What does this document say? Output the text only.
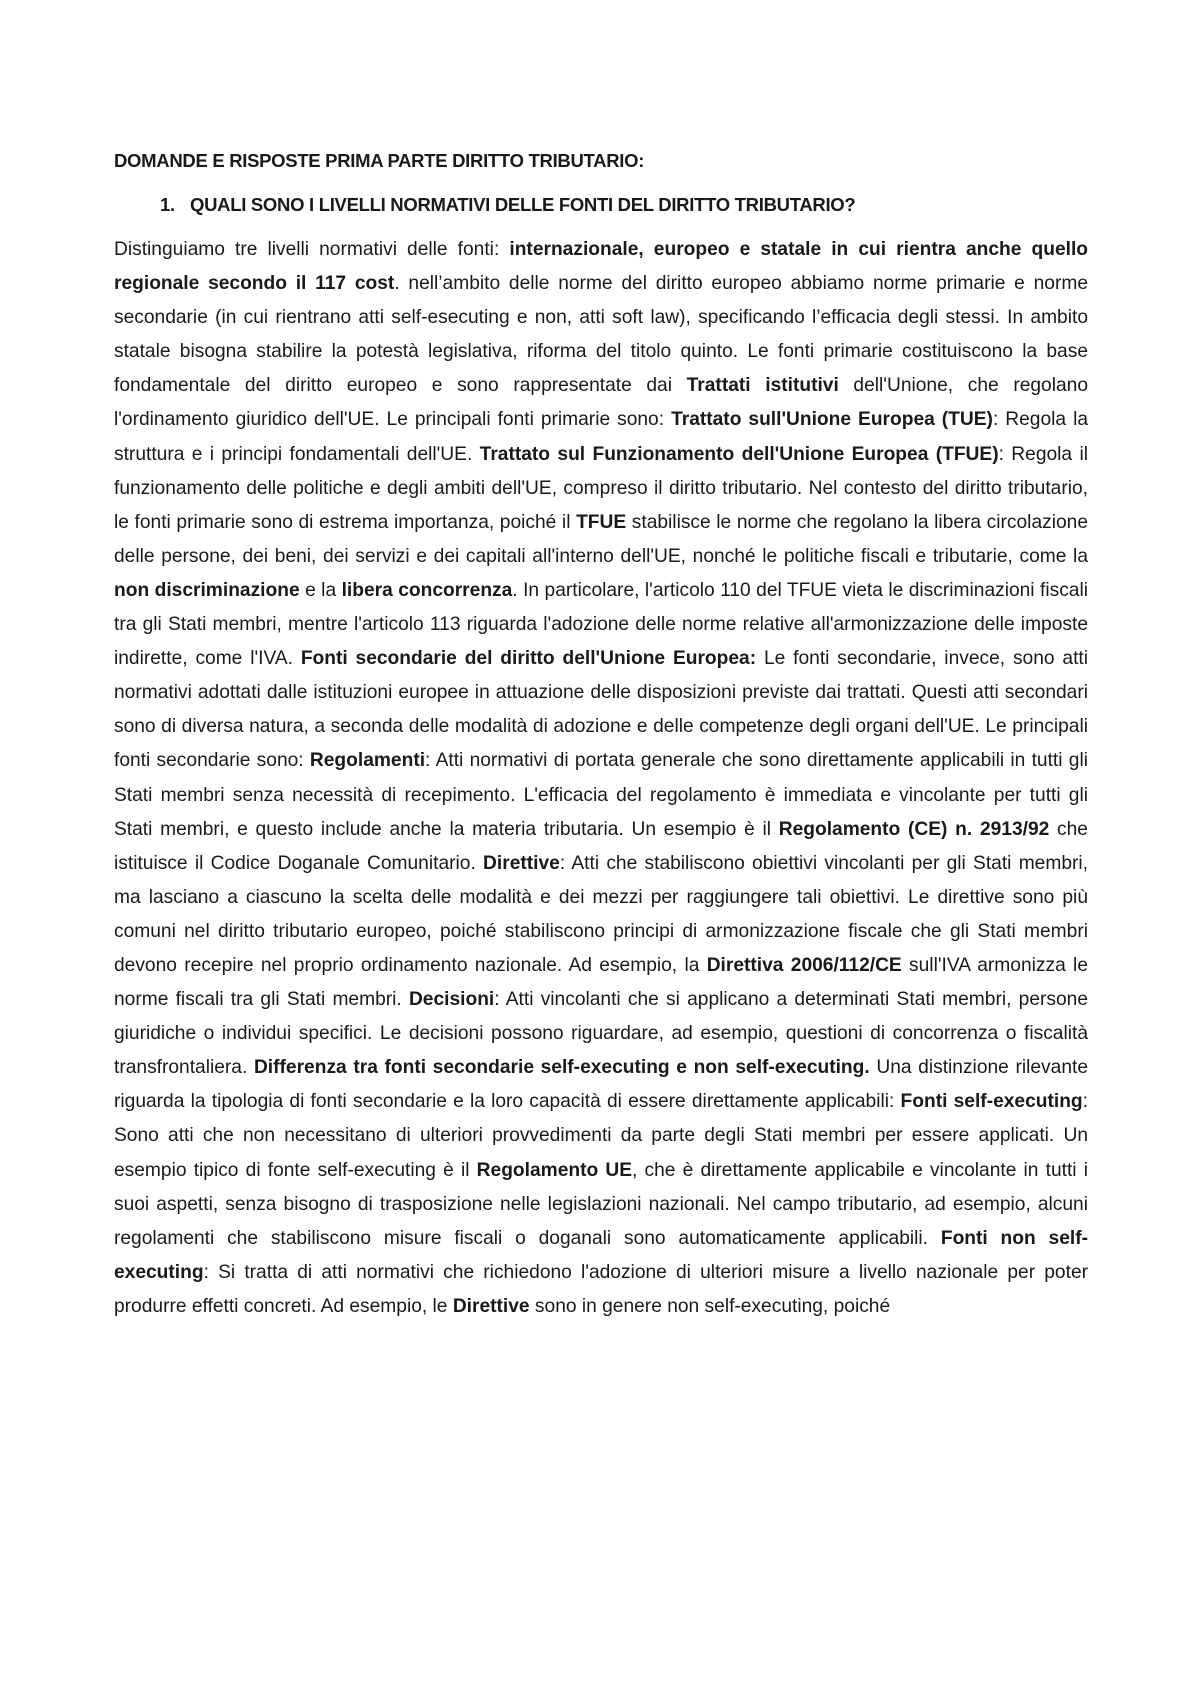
DOMANDE E RISPOSTE PRIMA PARTE DIRITTO TRIBUTARIO:
1. QUALI SONO I LIVELLI NORMATIVI DELLE FONTI DEL DIRITTO TRIBUTARIO?

Distinguiamo tre livelli normativi delle fonti: internazionale, europeo e statale in cui rientra anche quello regionale secondo il 117 cost. nell’ambito delle norme del diritto europeo abbiamo norme primarie e norme secondarie (in cui rientrano atti self-esecuting e non, atti soft law), specificando l’efficacia degli stessi. In ambito statale bisogna stabilire la potestà legislativa, riforma del titolo quinto. Le fonti primarie costituiscono la base fondamentale del diritto europeo e sono rappresentate dai Trattati istitutivi dell'Unione, che regolano l'ordinamento giuridico dell'UE. Le principali fonti primarie sono: Trattato sull'Unione Europea (TUE): Regola la struttura e i principi fondamentali dell'UE. Trattato sul Funzionamento dell'Unione Europea (TFUE): Regola il funzionamento delle politiche e degli ambiti dell'UE, compreso il diritto tributario. Nel contesto del diritto tributario, le fonti primarie sono di estrema importanza, poiché il TFUE stabilisce le norme che regolano la libera circolazione delle persone, dei beni, dei servizi e dei capitali all'interno dell'UE, nonché le politiche fiscali e tributarie, come la non discriminazione e la libera concorrenza. In particolare, l'articolo 110 del TFUE vieta le discriminazioni fiscali tra gli Stati membri, mentre l'articolo 113 riguarda l'adozione delle norme relative all'armonizzazione delle imposte indirette, come l'IVA. Fonti secondarie del diritto dell'Unione Europea: Le fonti secondarie, invece, sono atti normativi adottati dalle istituzioni europee in attuazione delle disposizioni previste dai trattati. Questi atti secondari sono di diversa natura, a seconda delle modalità di adozione e delle competenze degli organi dell'UE. Le principali fonti secondarie sono: Regolamenti: Atti normativi di portata generale che sono direttamente applicabili in tutti gli Stati membri senza necessità di recepimento. L'efficacia del regolamento è immediata e vincolante per tutti gli Stati membri, e questo include anche la materia tributaria. Un esempio è il Regolamento (CE) n. 2913/92 che istituisce il Codice Doganale Comunitario. Direttive: Atti che stabiliscono obiettivi vincolanti per gli Stati membri, ma lasciano a ciascuno la scelta delle modalità e dei mezzi per raggiungere tali obiettivi. Le direttive sono più comuni nel diritto tributario europeo, poiché stabiliscono principi di armonizzazione fiscale che gli Stati membri devono recepire nel proprio ordinamento nazionale. Ad esempio, la Direttiva 2006/112/CE sull'IVA armonizza le norme fiscali tra gli Stati membri. Decisioni: Atti vincolanti che si applicano a determinati Stati membri, persone giuridiche o individui specifici. Le decisioni possono riguardare, ad esempio, questioni di concorrenza o fiscalità transfrontaliera. Differenza tra fonti secondarie self-executing e non self-executing. Una distinzione rilevante riguarda la tipologia di fonti secondarie e la loro capacità di essere direttamente applicabili: Fonti self-executing: Sono atti che non necessitano di ulteriori provvedimenti da parte degli Stati membri per essere applicati. Un esempio tipico di fonte self-executing è il Regolamento UE, che è direttamente applicabile e vincolante in tutti i suoi aspetti, senza bisogno di trasposizione nelle legislazioni nazionali. Nel campo tributario, ad esempio, alcuni regolamenti che stabiliscono misure fiscali o doganali sono automaticamente applicabili. Fonti non self-executing: Si tratta di atti normativi che richiedono l'adozione di ulteriori misure a livello nazionale per poter produrre effetti concreti. Ad esempio, le Direttive sono in genere non self-executing, poiché
